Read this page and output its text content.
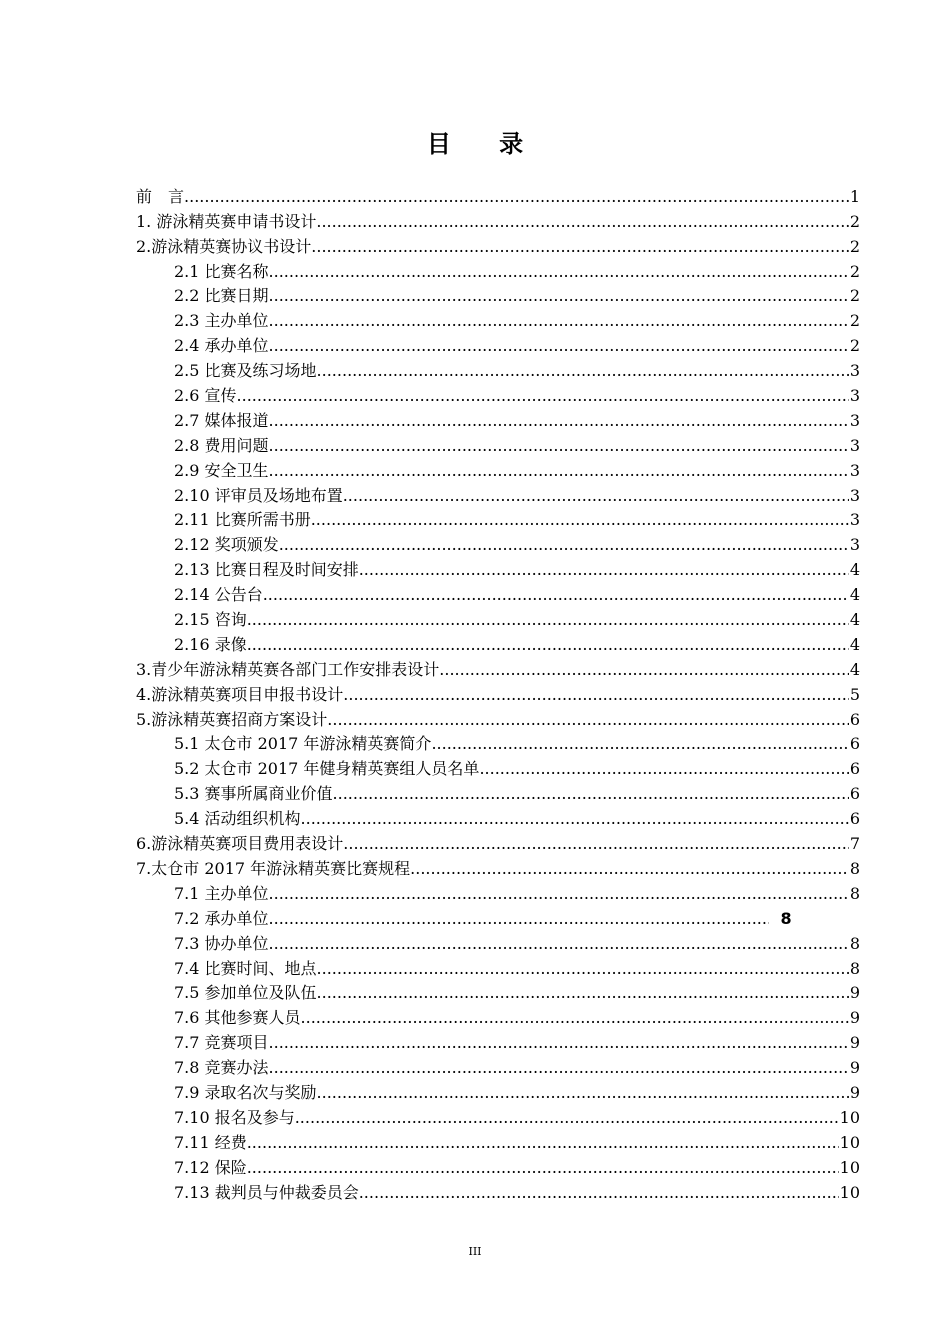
目 录
前　言 .....	1
1. 游泳精英赛申请书设计 .....	2
2.游泳精英赛协议书设计 .....	2
2.1 比赛名称 .....	2
2.2 比赛日期 .....	2
2.3 主办单位 .....	2
2.4 承办单位 .....	2
2.5 比赛及练习场地 .....	3
2.6 宣传 .....	3
2.7 媒体报道 .....	3
2.8 费用问题 .....	3
2.9 安全卫生 .....	3
2.10 评审员及场地布置 .....	3
2.11 比赛所需书册 .....	3
2.12 奖项颁发 .....	3
2.13 比赛日程及时间安排 .....	4
2.14 公告台 .....	4
2.15 咨询 .....	4
2.16 录像 .....	4
3.青少年游泳精英赛各部门工作安排表设计 .....	4
4.游泳精英赛项目申报书设计 .....	5
5.游泳精英赛招商方案设计 .....	6
5.1 太仓市 2017 年游泳精英赛简介 .....	6
5.2 太仓市 2017 年健身精英赛组人员名单 .....	6
5.3 赛事所属商业价值 .....	6
5.4 活动组织机构 .....	6
6.游泳精英赛项目费用表设计 .....	7
7.太仓市 2017 年游泳精英赛比赛规程 .....	8
7.1 主办单位 .....	8
7.2 承办单位 .....	8
7.3 协办单位 .....	8
7.4 比赛时间、地点 .....	8
7.5 参加单位及队伍 .....	9
7.6 其他参赛人员 .....	9
7.7 竞赛项目 .....	9
7.8 竞赛办法 .....	9
7.9 录取名次与奖励 .....	9
7.10 报名及参与 .....	10
7.11 经费 .....	10
7.12 保险 .....	10
7.13 裁判员与仲裁委员会 .....	10
III
